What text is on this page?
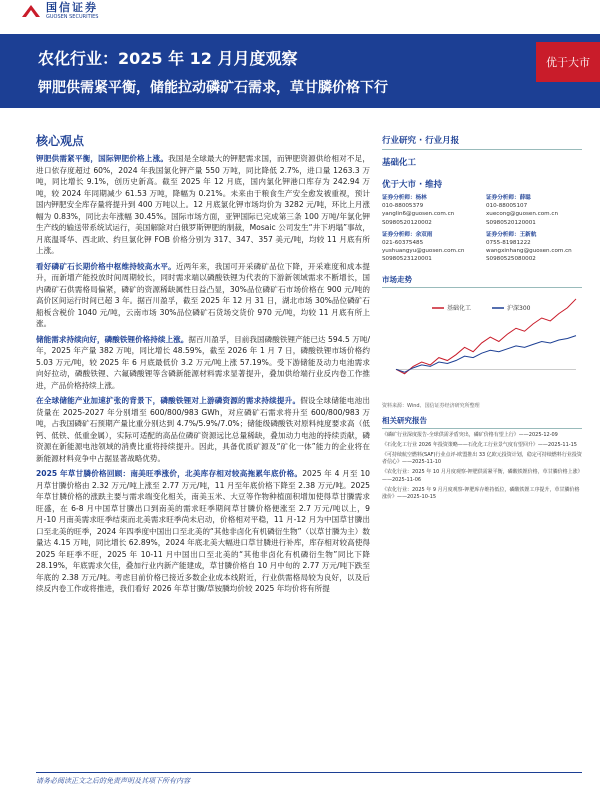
国信证券
GUOSEN SECURITIES
农化行业：2025 年 12 月月度观察
钾肥供需紧平衡，储能拉动磷矿石需求，草甘膦价格下行
优于大市
核心观点

钾肥供需紧平衡，国际钾肥价格上涨。我国是全球最大的钾肥需求国，而钾肥资源供给相对不足，进口依存度超过 60%，2024 年我国氯化钾产量 550 万吨，同比降低 2.7%，进口量 1263.3 万吨，同比增长 9.1%，创历史新高。截至 2025 年 12 月底，国内氯化钾港口库存为 242.94 万吨，较 2024 年同期减少 61.53 万吨，降幅为 0.21%。未来由于粮食生产安全愈发被重视，预计国内钾肥安全库存量将提升到 400 万吨以上。12 月底氯化钾市场均价为 3282 元/吨，环比上月涨幅为 0.83%，同比去年涨幅 30.45%。国际市场方面，亚钾国际已完成第三条 100 万吨/年氯化钾生产线的输送带系统试运行，美国解除对白俄罗斯钾肥的制裁，Mosaic 公司发生“井下坍塌”事故，月底温哥华、西北欧、约旦氯化钾 FOB 价格分别为 317、347、357 美元/吨，均较 11 月底有所上涨。

看好磷矿石长期价格中枢维持较高水平。近两年来，我国可开采磷矿品位下降，开采难度和成本提升，而新增产能投放时间周期较长，同时需求端以磷酸铁锂为代表的下游新领域需求不断增长，国内磷矿石供需格局偏紧，磷矿的资源稀缺属性日益凸显，30%品位磷矿石市场价格在 900 元/吨的高价区间运行时间已超 3 年。据百川盈孚，截至 2025 年 12 月 31 日，湖北市场 30%品位磷矿石船板含税价 1040 元/吨，云南市场 30%品位磷矿石货场交货价 970 元/吨，均较 11 月底有所上涨。

储能需求持续向好，磷酸铁锂价格持续上涨。据百川盈孚，目前我国磷酸铁锂产能已达 594.5 万吨/年，2025 年产量 382 万吨，同比增长 48.59%，截至 2026 年 1 月 7 日，磷酸铁锂市场价格约 5.03 万元/吨，较 2025 年 6 月底最低价 3.2 万元/吨上涨 57.19%。受下游储能及动力电池需求向好拉动，磷酸铁锂、六氟磷酸锂等含磷新能源材料需求显著提升，叠加供给端行业反内卷工作推进，产品价格持续上涨。

在全球储能产业加速扩张的背景下，磷酸铁锂对上游磷资源的需求持续提升。假设全球储能电池出货量在 2025-2027 年分别增至 600/800/983 GWh，对应磷矿石需求将升至 600/800/983 万吨，占我国磷矿石预期产量比重分别达到 4.7%/5.9%/7.0%；储能级磷酸铁对原料纯度要求高（低钙、低铁、低重金属），实际可适配的高品位磷矿资源远比总量稀缺，叠加动力电池的持续贡献，磷资源在新能源电池领域的消费比重将持续提升。因此，具备优质矿源及“矿化一体”能力的企业将在新能源材料竞争中占据显著战略优势。

2025 年草甘膦价格回顾：南美旺季涨价，北美库存相对较高拖累年底价格。2025 年 4 月至 10 月草甘膦价格由 2.32 万元/吨上涨至 2.77 万元/吨，11 月至年底价格下降至 2.38 万元/吨。2025 年草甘膦价格的涨跌主要与需求端变化相关，南美玉米、大豆等作物种植面积增加使得草甘膦需求旺盛，在 6-8 月中国草甘膦出口到南美的需求旺季期间草甘膦价格便涨至 2.7 万元/吨以上，9 月-10 月南美需求旺季结束而北美需求旺季尚未启动，价格相对平稳，11 月-12 月为中国草甘膦出口至北美的旺季，2024 年四季度中国出口至北美的“其他非卤化有机磷衍生物”（以草甘膦为主）数量达 4.15 万吨，同比增长 62.89%，2024 年底北美大幅进口草甘膦进行补库，库存相对较高使得 2025 年旺季不旺，2025 年 10-11 月中国出口至北美的“其他非卤化有机磷衍生物”同比下降 28.19%，年底需求欠佳，叠加行业内新产能建成，草甘膦价格自 10 月中旬的 2.77 万元/吨下跌至年底的 2.38 万元/吨。考虑目前价格已接近多数企业成本线附近，行业供需格局较为良好，以及后续反内卷工作或将推进，我们看好 2026 年草甘膦/草铵膦均价较 2025 年均价将有所提

行业研究 · 行业月报
基础化工
优于大市 · 维持
证券分析师：杨林
010-88005379
yanglin6@guosen.com.cn
S0980520120002
证券分析师：薛聪
010-88005107
xuecong@guosen.com.cn
S0980520120001
证券分析师：余双雨
021-60375485
yushuangyu@guosen.com.cn
S0980523120001
证券分析师：王新航
0755-81981222
wangxinhang@guosen.com.cn
S0980525080002
市场走势
基础化工	沪深300
资料来源：Wind、国信证券经济研究所整理
相关研究报告
《磷矿行业深度报告-全球供需矛盾突出，磷矿价格有望上行》——2025-12-09
《石化化工行业 2026 年投资策略——石化化工行业景气度有望回升》——2025-11-15
《可持续航空燃料(SAF)行业点评-欧盟推出 33 亿欧元投资计划，稳定可持续燃料行业投资者信心》——2025-11-10
《农化行业：2025 年 10 月月度观察-钾肥供需紧平衡，磷酸铁锂价格，草甘膦价格上涨》——2025-11-06
《农化行业：2025 年 9 月月度观察-钾肥库存维持低位，磷酸铁锂工序提升，草甘膦价格涨价》——2025-10-15
请务必阅读正文之后的免责声明及其项下所有内容
